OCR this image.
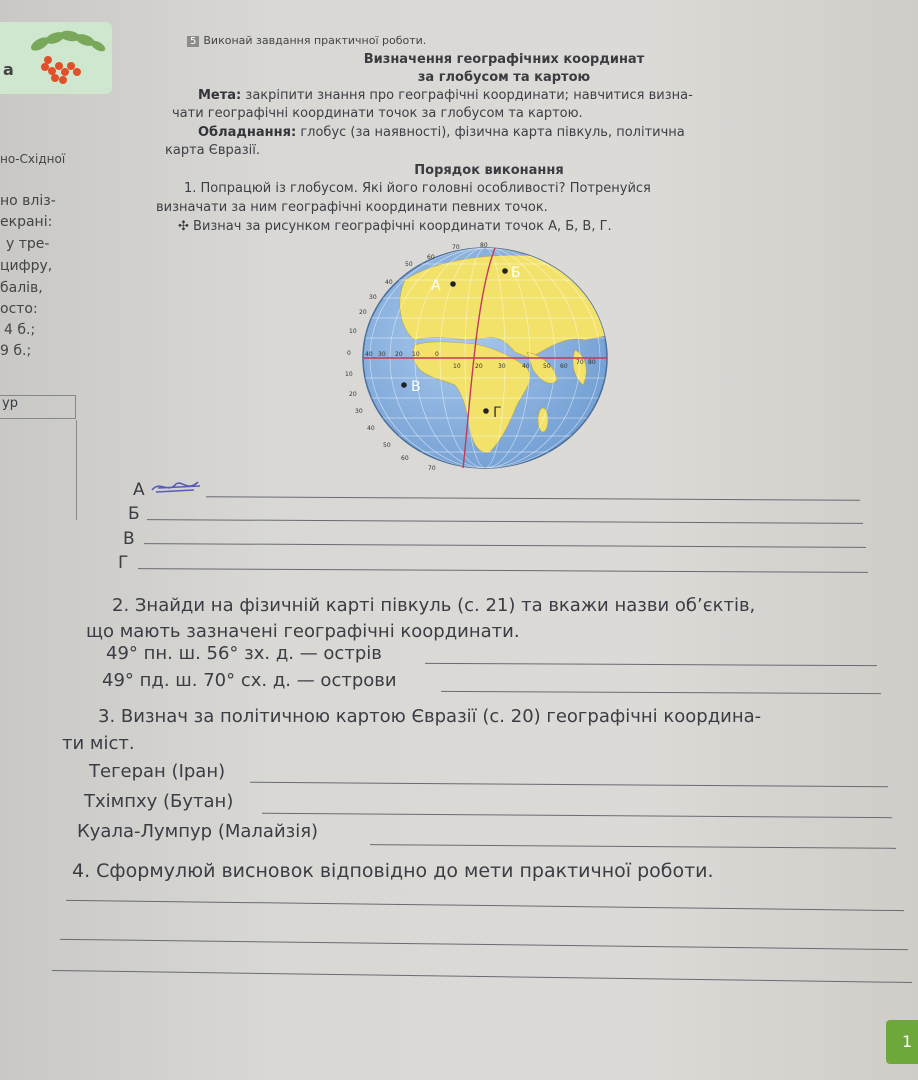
а
но-Східної
но вліз-
екрані:
у тре-
цифру,
балів,
осто:
4 б.;
9 б.;
ур
5 Виконай завдання практичної роботи.
Визначення географічних координат
за глобусом та картою
Мета: закріпити знання про географічні координати; навчитися визна-
чати географічні координати точок за глобусом та картою.
Обладнання: глобус (за наявності), фізична карта півкуль, політична
карта Євразії.
Порядок виконання
1. Попрацюй із глобусом. Які його головні особливості? Потренуйся
визначати за ним географічні координати певних точок.
✣ Визнач за рисунком географічні координати точок А, Б, В, Г.
А
Б
В
Г
80
70
60
50
40
30
20
10
0
10
20
30
40
50
60
70
40 30 20 10	0
10 20	30	40 50 60
70 80
А
Б
В
Г
2. Знайди на фізичній карті півкуль (с. 21) та вкажи назви об’єктів,
що мають зазначені географічні координати.
49° пн. ш. 56° зх. д. — острів
49° пд. ш. 70° сх. д. — острови
3. Визнач за політичною картою Євразії (с. 20) географічні координа-
ти міст.
Тегеран (Іран)
Тхімпху (Бутан)
Куала-Лумпур (Малайзія)
4. Сформулюй висновок відповідно до мети практичної роботи.
1
